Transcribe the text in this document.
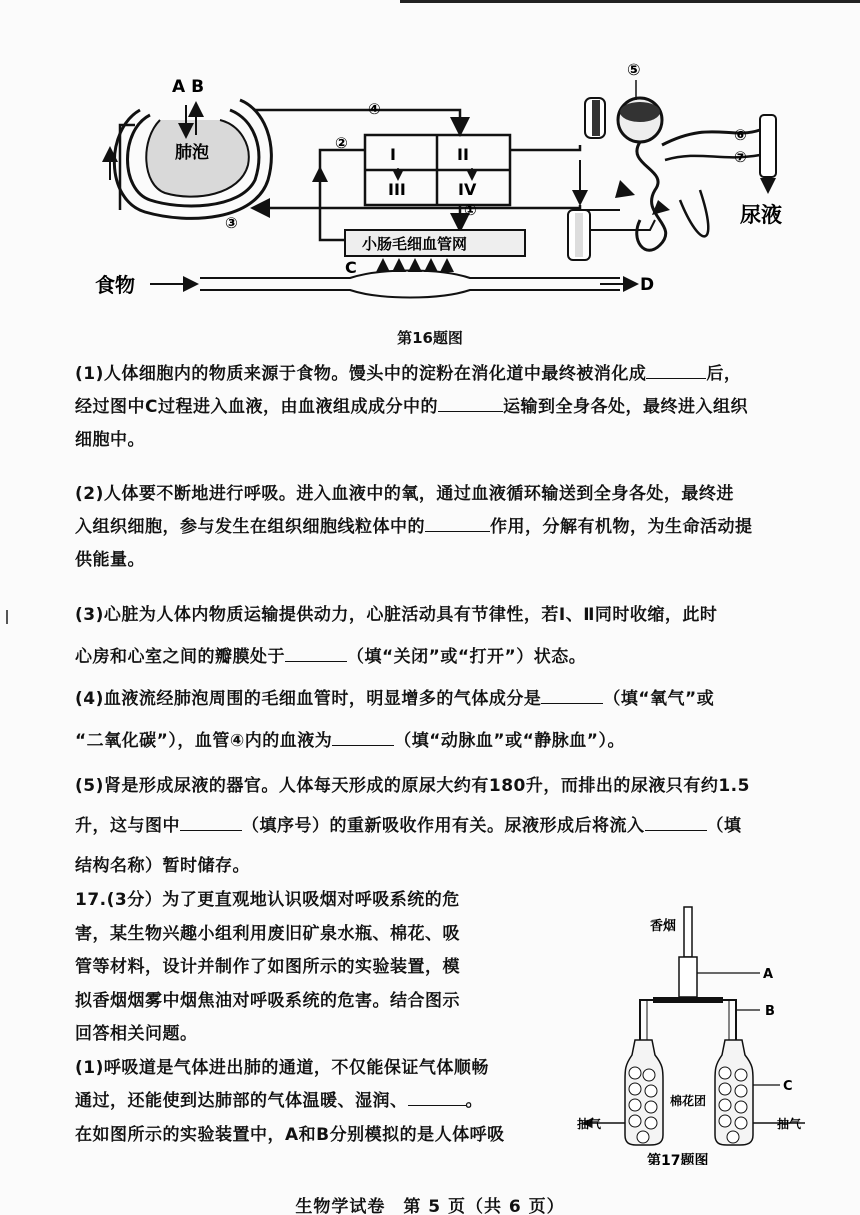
A B
肺泡
④
③
I	II
III	IV
②
①
小肠毛细血管网
C
食物	D
⑤
⑥
⑦
尿液
第16题图
(1)人体细胞内的物质来源于食物。馒头中的淀粉在消化道中最终被消化成	后，
经过图中C过程进入血液，由血液组成成分中的	运输到全身各处，最终进入组织
细胞中。
(2)人体要不断地进行呼吸。进入血液中的氧，通过血液循环输送到全身各处，最终进
入组织细胞，参与发生在组织细胞线粒体中的	作用，分解有机物，为生命活动提
供能量。
(3)心脏为人体内物质运输提供动力，心脏活动具有节律性，若Ⅰ、Ⅱ同时收缩，此时
心房和心室之间的瓣膜处于	（填“关闭”或“打开”）状态。
(4)血液流经肺泡周围的毛细血管时，明显增多的气体成分是	（填“氧气”或
“二氧化碳”），血管④内的血液为	（填“动脉血”或“静脉血”）。
(5)肾是形成尿液的器官。人体每天形成的原尿大约有180升，而排出的尿液只有约1.5
升，这与图中	（填序号）的重新吸收作用有关。尿液形成后将流入	（填
结构名称）暂时储存。
17.(3分）为了更直观地认识吸烟对呼吸系统的危
害，某生物兴趣小组利用废旧矿泉水瓶、棉花、吸
管等材料，设计并制作了如图所示的实验装置，模
拟香烟烟雾中烟焦油对呼吸系统的危害。结合图示
回答相关问题。
(1)呼吸道是气体进出肺的通道，不仅能保证气体顺畅
通过，还能使到达肺部的气体温暖、湿润、	。
在如图所示的实验装置中，A和B分别模拟的是人体呼吸
香烟
A
B
C
棉花团
抽气	抽气
第17题图
生物学试卷　第 5 页（共 6 页）
